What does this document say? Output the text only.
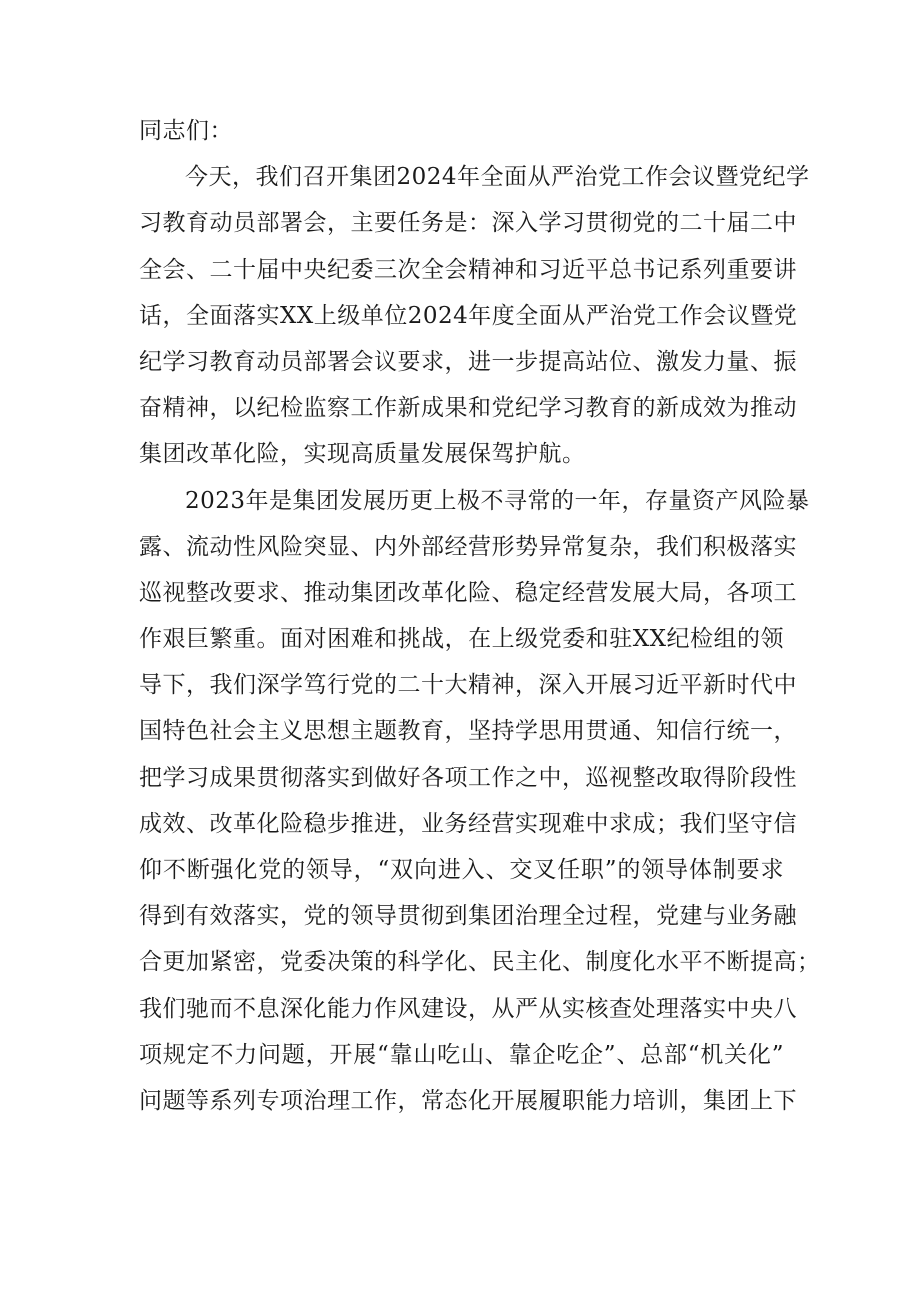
同志们：
今天，我们召开集团2024年全面从严治党工作会议暨党纪学
习教育动员部署会，主要任务是：深入学习贯彻党的二十届二中
全会、二十届中央纪委三次全会精神和习近平总书记系列重要讲
话，全面落实XX上级单位2024年度全面从严治党工作会议暨党
纪学习教育动员部署会议要求，进一步提高站位、激发力量、振
奋精神，以纪检监察工作新成果和党纪学习教育的新成效为推动
集团改革化险，实现高质量发展保驾护航。
2023年是集团发展历更上极不寻常的一年，存量资产风险暴
露、流动性风险突显、内外部经营形势异常复杂，我们积极落实
巡视整改要求、推动集团改革化险、稳定经营发展大局，各项工
作艰巨繁重。面对困难和挑战，在上级党委和驻XX纪检组的领
导下，我们深学笃行党的二十大精神，深入开展习近平新时代中
国特色社会主义思想主题教育，坚持学思用贯通、知信行统一，
把学习成果贯彻落实到做好各项工作之中，巡视整改取得阶段性
成效、改革化险稳步推进，业务经营实现难中求成；我们坚守信
仰不断强化党的领导，“双向进入、交叉任职”的领导体制要求
得到有效落实，党的领导贯彻到集团治理全过程，党建与业务融
合更加紧密，党委决策的科学化、民主化、制度化水平不断提高；
我们驰而不息深化能力作风建设，从严从实核查处理落实中央八
项规定不力问题，开展“靠山吃山、靠企吃企”、总部“机关化”
问题等系列专项治理工作，常态化开展履职能力培训，集团上下
